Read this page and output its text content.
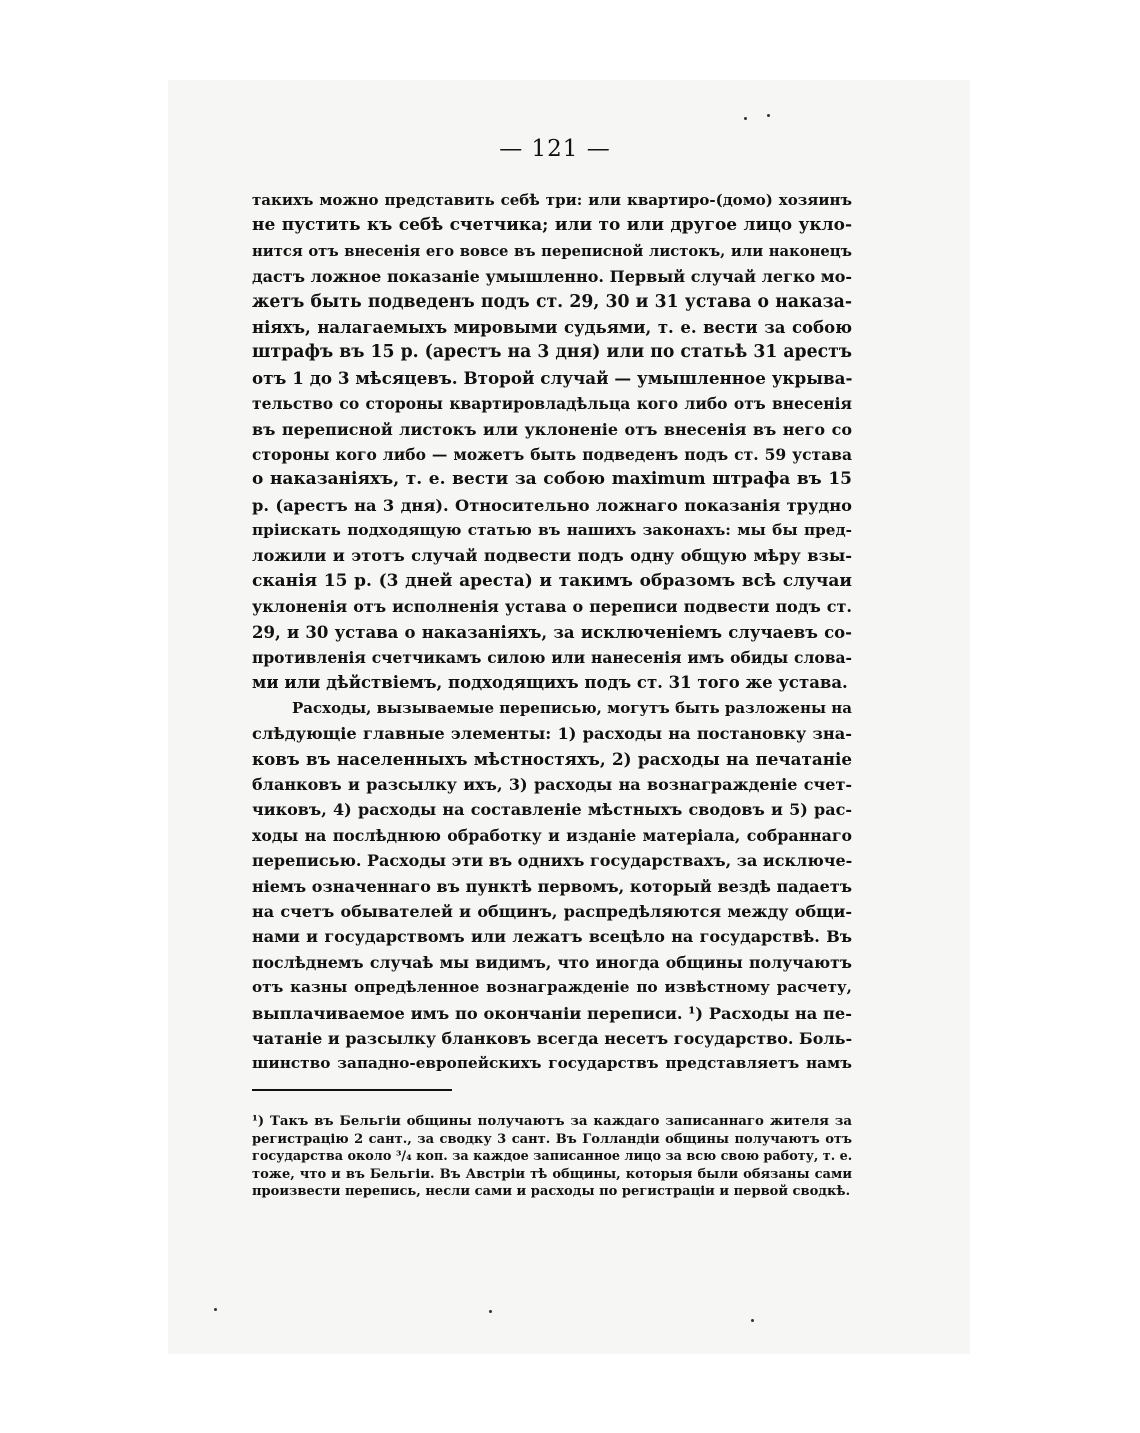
— 121 —
такихъ можно представить себѣ три: или квартиро-(домо) хозяинъ
не пустить къ себѣ счетчика; или то или другое лицо укло-
нится отъ внесенія его вовсе въ переписной листокъ, или наконецъ
дастъ ложное показаніе умышленно. Первый случай легко мо-
жетъ быть подведенъ подъ ст. 29, 30 и 31 устава о наказа-
ніяхъ, налагаемыхъ мировыми судьями, т. е. вести за собою
штрафъ въ 15 р. (арестъ на 3 дня) или по статьѣ 31 арестъ
отъ 1 до 3 мѣсяцевъ. Второй случай — умышленное укрыва-
тельство со стороны квартировладѣльца кого либо отъ внесенія
въ переписной листокъ или уклоненіе отъ внесенія въ него со
стороны кого либо — можетъ быть подведенъ подъ ст. 59 устава
о наказаніяхъ, т. е. вести за собою maximum штрафа въ 15
р. (арестъ на 3 дня). Относительно ложнаго показанія трудно
пріискать подходящую статью въ нашихъ законахъ: мы бы пред-
ложили и этотъ случай подвести подъ одну общую мѣру взы-
сканія 15 р. (3 дней ареста) и такимъ образомъ всѣ случаи
уклоненія отъ исполненія устава о переписи подвести подъ ст.
29, и 30 устава о наказаніяхъ, за исключеніемъ случаевъ со-
противленія счетчикамъ силою или нанесенія имъ обиды слова-
ми или дѣйствіемъ, подходящихъ подъ ст. 31 того же устава.
Расходы, вызываемые переписью, могутъ быть разложены на
слѣдующіе главные элементы: 1) расходы на постановку зна-
ковъ въ населенныхъ мѣстностяхъ, 2) расходы на печатаніе
бланковъ и разсылку ихъ, 3) расходы на вознагражденіе счет-
чиковъ, 4) расходы на составленіе мѣстныхъ сводовъ и 5) рас-
ходы на послѣднюю обработку и изданіе матеріала, собраннаго
переписью. Расходы эти въ однихъ государствахъ, за исключе-
ніемъ означеннаго въ пунктѣ первомъ, который вездѣ падаетъ
на счетъ обывателей и общинъ, распредѣляются между общи-
нами и государствомъ или лежатъ всецѣло на государствѣ. Въ
послѣднемъ случаѣ мы видимъ, что иногда общины получаютъ
отъ казны опредѣленное вознагражденіе по извѣстному расчету,
выплачиваемое имъ по окончаніи переписи. ¹) Расходы на пе-
чатаніе и разсылку бланковъ всегда несетъ государство. Боль-
шинство западно-европейскихъ государствъ представляетъ намъ
¹) Такъ въ Бельгіи общины получаютъ за каждаго записаннаго жителя за
регистрацію 2 сант., за сводку 3 сант. Въ Голландіи общины получаютъ отъ
государства около ³/₄ коп. за каждое записанное лицо за всю свою работу, т. е.
тоже, что и въ Бельгіи. Въ Австріи тѣ общины, которыя были обязаны сами
произвести перепись, несли сами и расходы по регистраціи и первой сводкѣ.
